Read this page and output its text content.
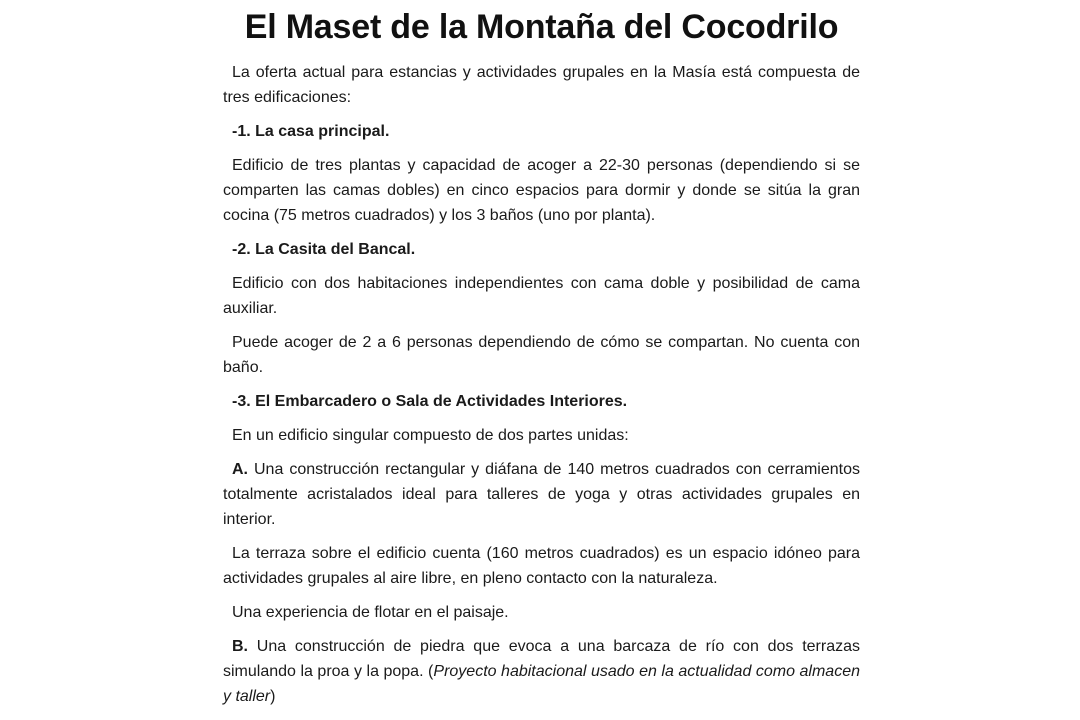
El Maset de la Montaña del Cocodrilo

La oferta actual para estancias y actividades grupales en la Masía está compuesta de tres edificaciones:

-1. La casa principal.

Edificio de tres plantas y capacidad de acoger a 22-30 personas (dependiendo si se comparten las camas dobles) en cinco espacios para dormir y donde se sitúa la gran cocina (75 metros cuadrados) y los 3 baños (uno por planta).

-2. La Casita del Bancal.

Edificio con dos habitaciones independientes con cama doble y posibilidad de cama auxiliar.

Puede acoger de 2 a 6 personas dependiendo de cómo se compartan. No cuenta con baño.

-3. El Embarcadero o Sala de Actividades Interiores.

En un edificio singular compuesto de dos partes unidas:

A. Una construcción rectangular y diáfana de 140 metros cuadrados con cerramientos totalmente acristalados ideal para talleres de yoga y otras actividades grupales en interior.

La terraza sobre el edificio cuenta (160 metros cuadrados) es un espacio idóneo para actividades grupales al aire libre, en pleno contacto con la naturaleza.

Una experiencia de flotar en el paisaje.

B. Una construcción de piedra que evoca a una barcaza de río con dos terrazas simulando la proa y la popa. (Proyecto habitacional usado en la actualidad como almacen y taller)
